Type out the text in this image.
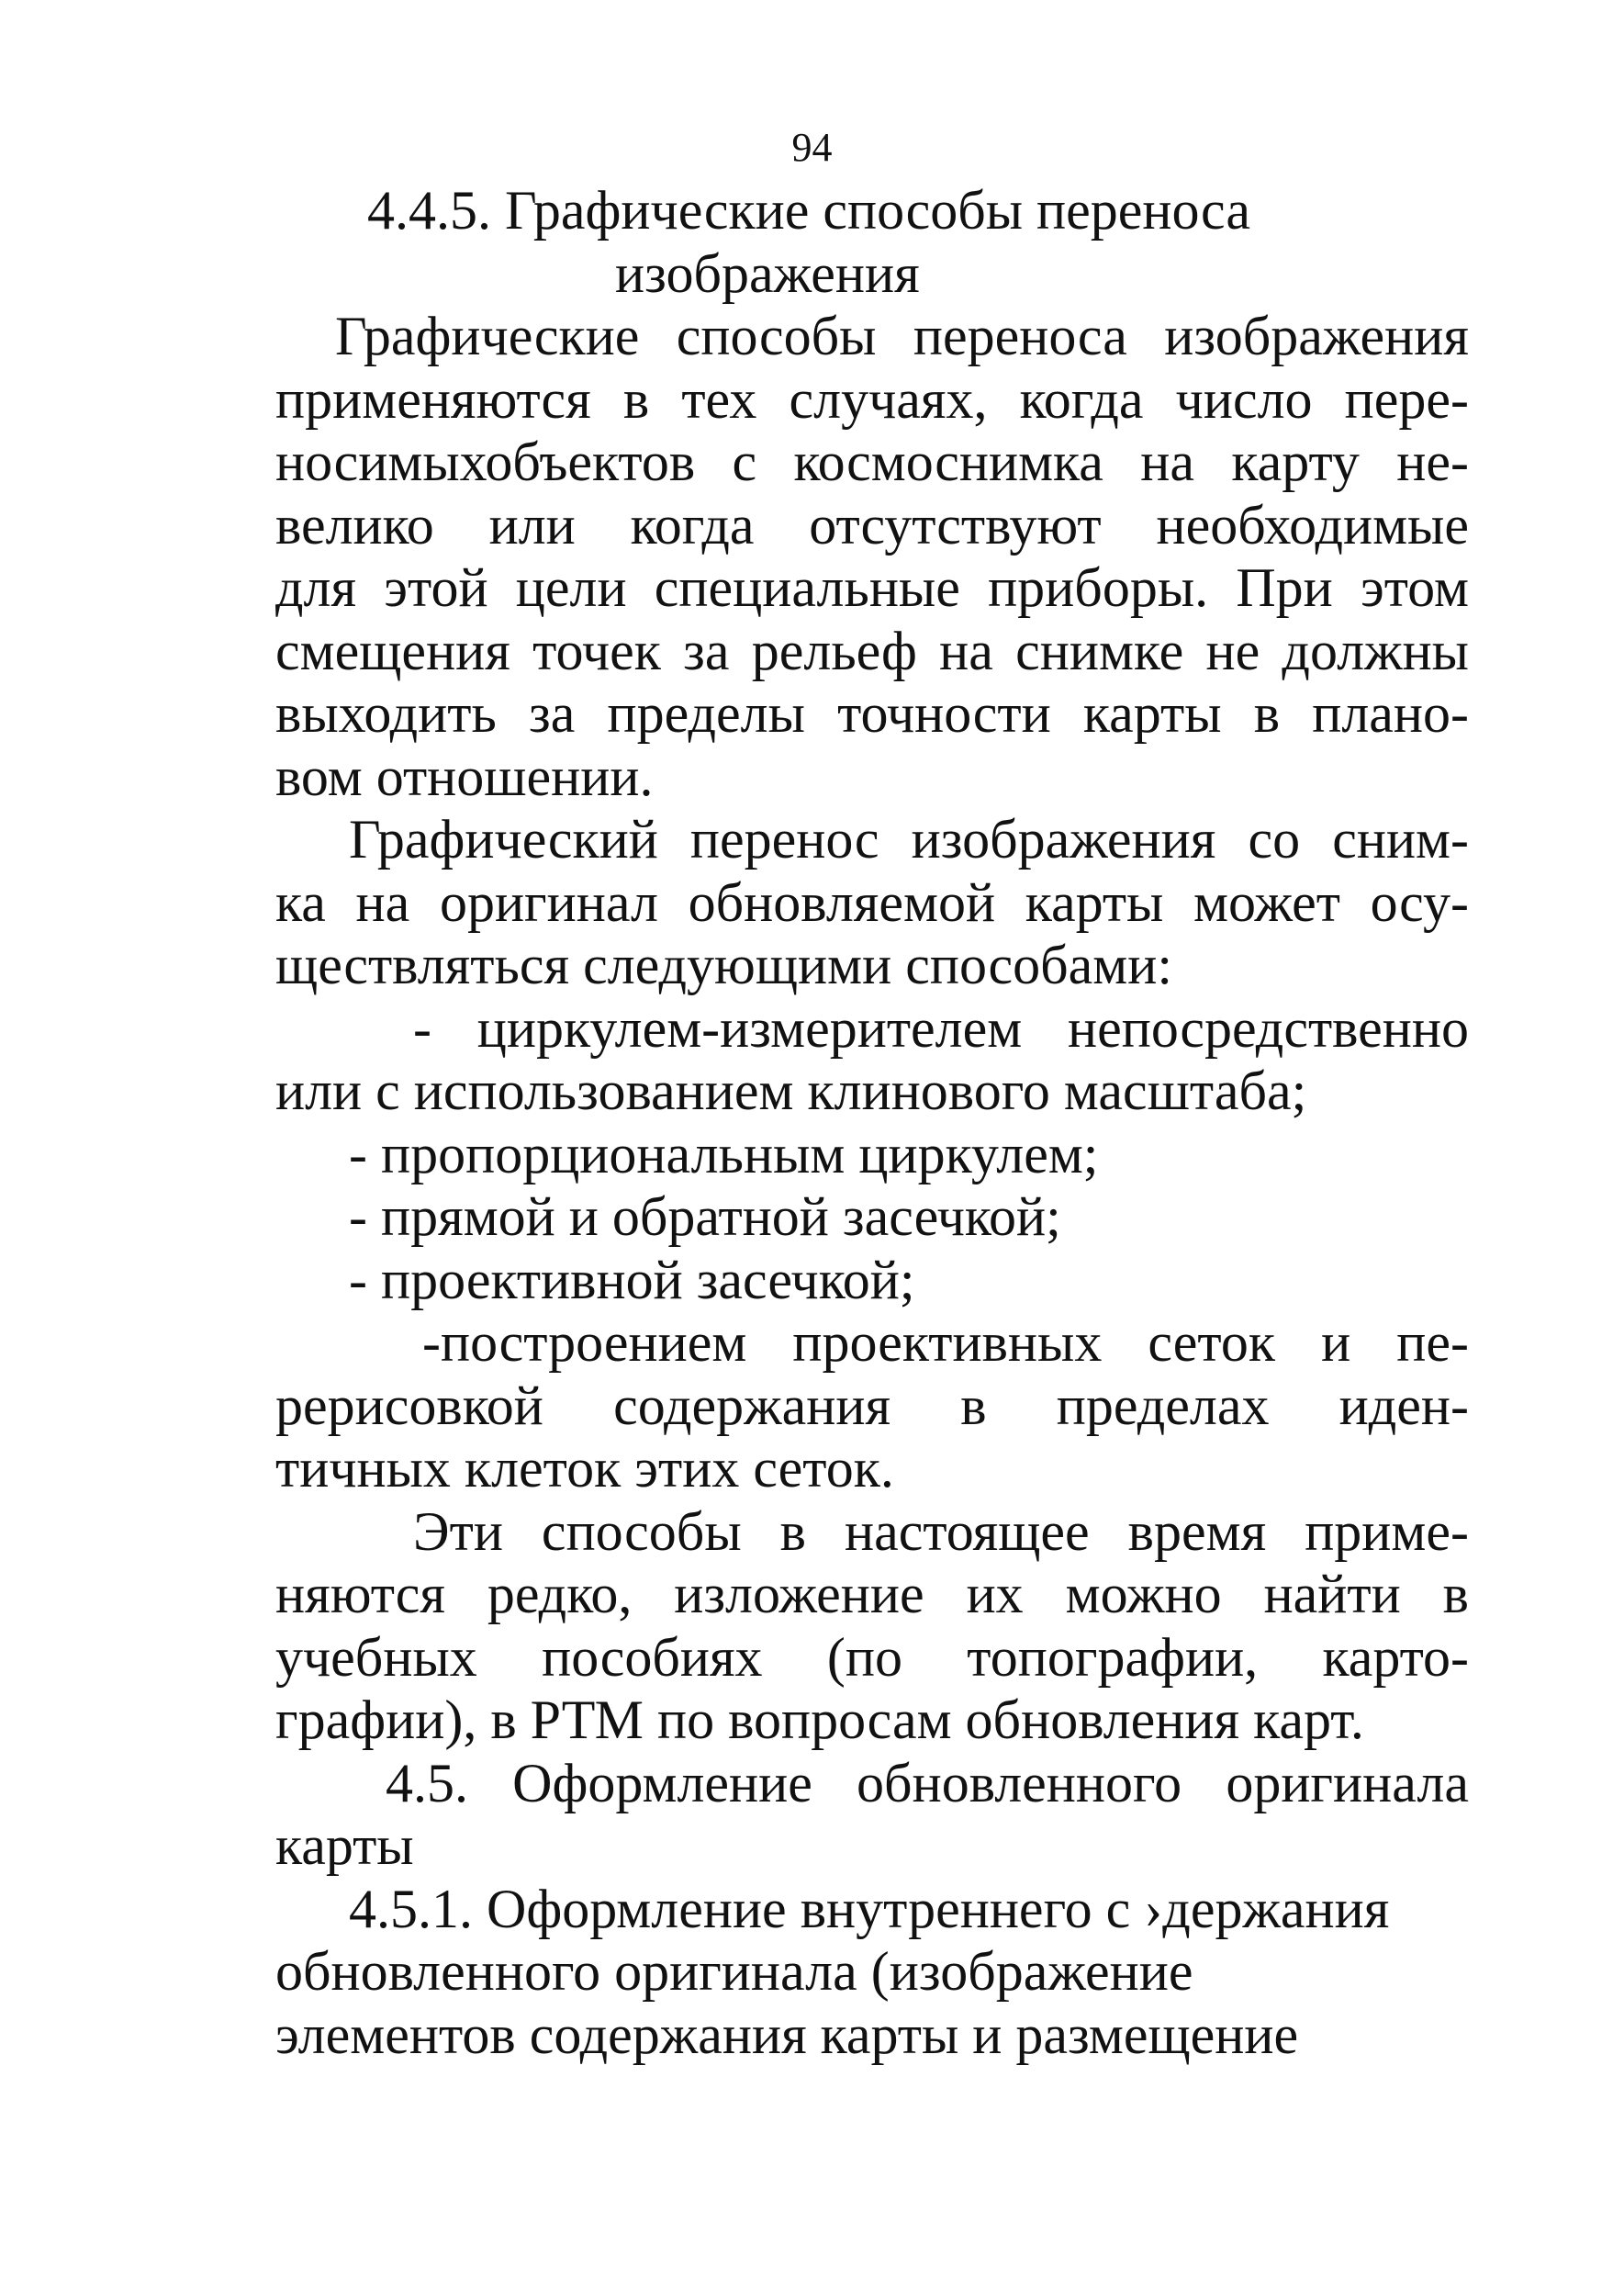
94
4.4.5. Графические способы переноса
изображения
Графические способы переноса изображения
применяются в тех случаях, когда число пере-
носимыхобъектов с космоснимка на карту не-
велико или когда отсутствуют необходимые
для этой цели специальные приборы. При этом
смещения точек за рельеф на снимке не должны
выходить за пределы точности карты в плано-
вом отношении.
Графический перенос изображения со сним-
ка на оригинал обновляемой карты может осу-
ществляться следующими способами:
- циркулем-измерителем непосредственно
или с использованием клинового масштаба;
- пропорциональным циркулем;
- прямой и обратной засечкой;
- проективной засечкой;
-построением проективных сеток и пе-
рерисовкой содержания в пределах иден-
тичных клеток этих сеток.
Эти способы в настоящее время приме-
няются редко, изложение их можно найти в
учебных пособиях (по топографии, карто-
графии), в РТМ по вопросам обновления карт.
4.5. Оформление обновленного оригинала
карты
4.5.1. Оформление внутреннего с ›держания
обновленного оригинала (изображение
элементов содержания карты и размещение
